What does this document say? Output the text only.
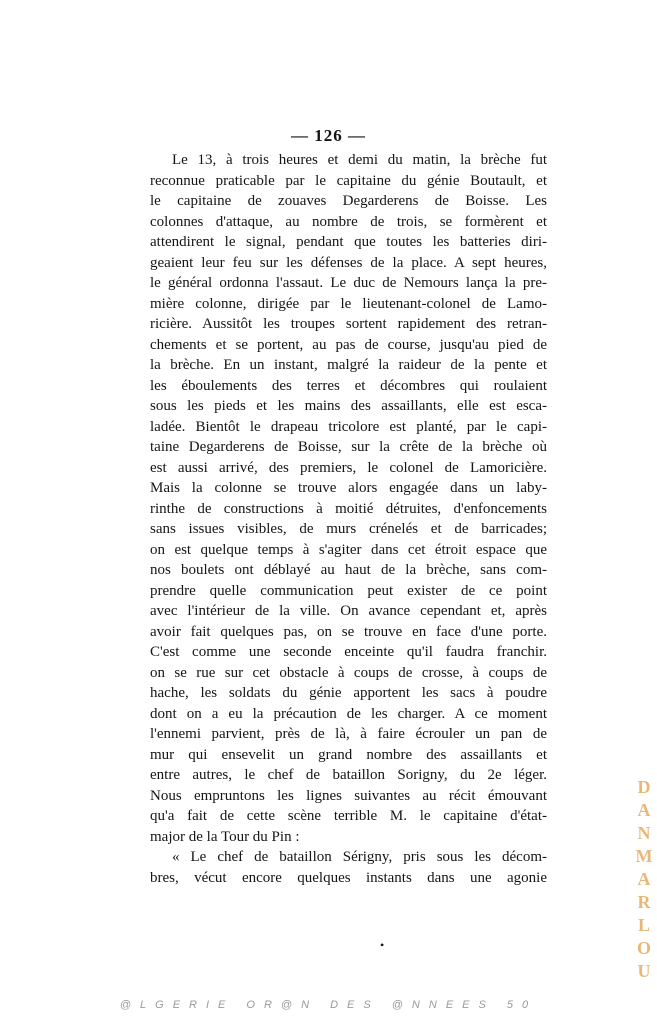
— 126 —
Le 13, à trois heures et demi du matin, la brèche fut
reconnue praticable par le capitaine du génie Boutault, et
le capitaine de zouaves Degarderens de Boisse. Les
colonnes d'attaque, au nombre de trois, se formèrent et
attendirent le signal, pendant que toutes les batteries diri-
geaient leur feu sur les défenses de la place. A sept heures,
le général ordonna l'assaut. Le duc de Nemours lança la pre-
mière colonne, dirigée par le lieutenant-colonel de Lamo-
ricière. Aussitôt les troupes sortent rapidement des retran-
chements et se portent, au pas de course, jusqu'au pied de
la brèche. En un instant, malgré la raideur de la pente et
les éboulements des terres et décombres qui roulaient
sous les pieds et les mains des assaillants, elle est esca-
ladée. Bientôt le drapeau tricolore est planté, par le capi-
taine Degarderens de Boisse, sur la crête de la brèche où
est aussi arrivé, des premiers, le colonel de Lamoricière.
Mais la colonne se trouve alors engagée dans un laby-
rinthe de constructions à moitié détruites, d'enfoncements
sans issues visibles, de murs crénelés et de barricades;
on est quelque temps à s'agiter dans cet étroit espace que
nos boulets ont déblayé au haut de la brèche, sans com-
prendre quelle communication peut exister de ce point
avec l'intérieur de la ville. On avance cependant et, après
avoir fait quelques pas, on se trouve en face d'une porte.
C'est comme une seconde enceinte qu'il faudra franchir.
on se rue sur cet obstacle à coups de crosse, à coups de
hache, les soldats du génie apportent les sacs à poudre
dont on a eu la précaution de les charger. A ce moment
l'ennemi parvient, près de là, à faire écrouler un pan de
mur qui ensevelit un grand nombre des assaillants et
entre autres, le chef de bataillon Sorigny, du 2e léger.
Nous empruntons les lignes suivantes au récit émouvant
qu'a fait de cette scène terrible M. le capitaine d'état-
major de la Tour du Pin :
« Le chef de bataillon Sérigny, pris sous les décom-
bres, vécut encore quelques instants dans une agonie
•
DANMARLOU
@LGERIE OR@N DES @NNEES 50
